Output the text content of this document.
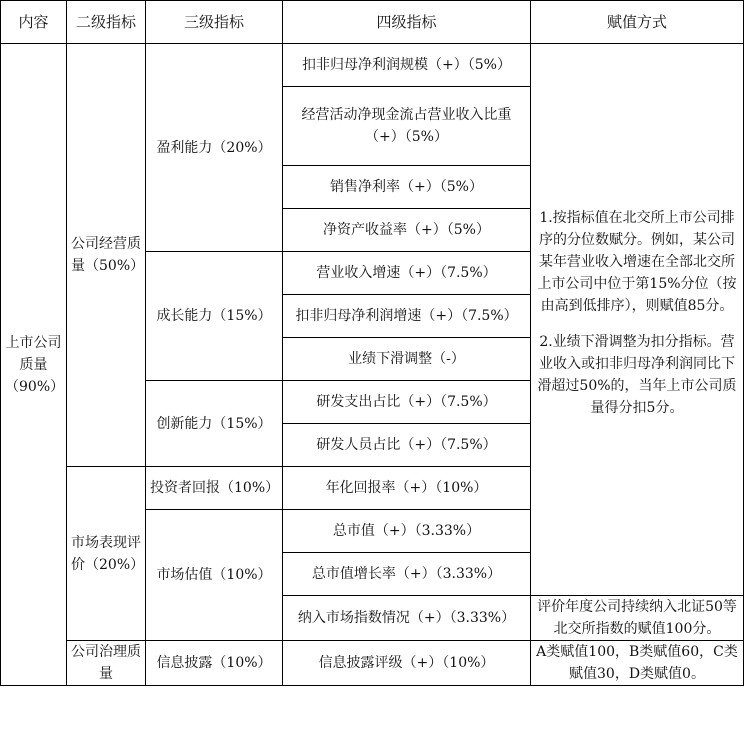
内容	二级指标	三级指标	四级指标	赋值方式
上市公司质量（90%）	公司经营质量（50%）	盈利能力（20%）	扣非归母净利润规模（+）（5%）	1.按指标值在北交所上市公司排序的分位数赋分。例如，某公司某年营业收入增速在全部北交所上市公司中位于第15%分位（按由高到低排序），则赋值85分。

2.业绩下滑调整为扣分指标。营业收入或扣非归母净利润同比下滑超过50%的，当年上市公司质量得分扣5分。

			经营活动净现金流占营业收入比重（+）（5%）	
			销售净利率（+）（5%）	
			净资产收益率（+）（5%）	
		成长能力（15%）	营业收入增速（+）（7.5%）	
			扣非归母净利润增速（+）（7.5%）	
			业绩下滑调整（-）	
		创新能力（15%）	研发支出占比（+）（7.5%）	
			研发人员占比（+）（7.5%）	
	市场表现评价（20%）	投资者回报（10%）	年化回报率（+）（10%）	
		市场估值（10%）	总市值（+）（3.33%）	
			总市值增长率（+）（3.33%）	
			纳入市场指数情况（+）（3.33%）	评价年度公司持续纳入北证50等北交所指数的赋值100分。

	公司治理质量	信息披露（10%）	信息披露评级（+）（10%）	A类赋值100，B类赋值60，C类赋值30，D类赋值0。
